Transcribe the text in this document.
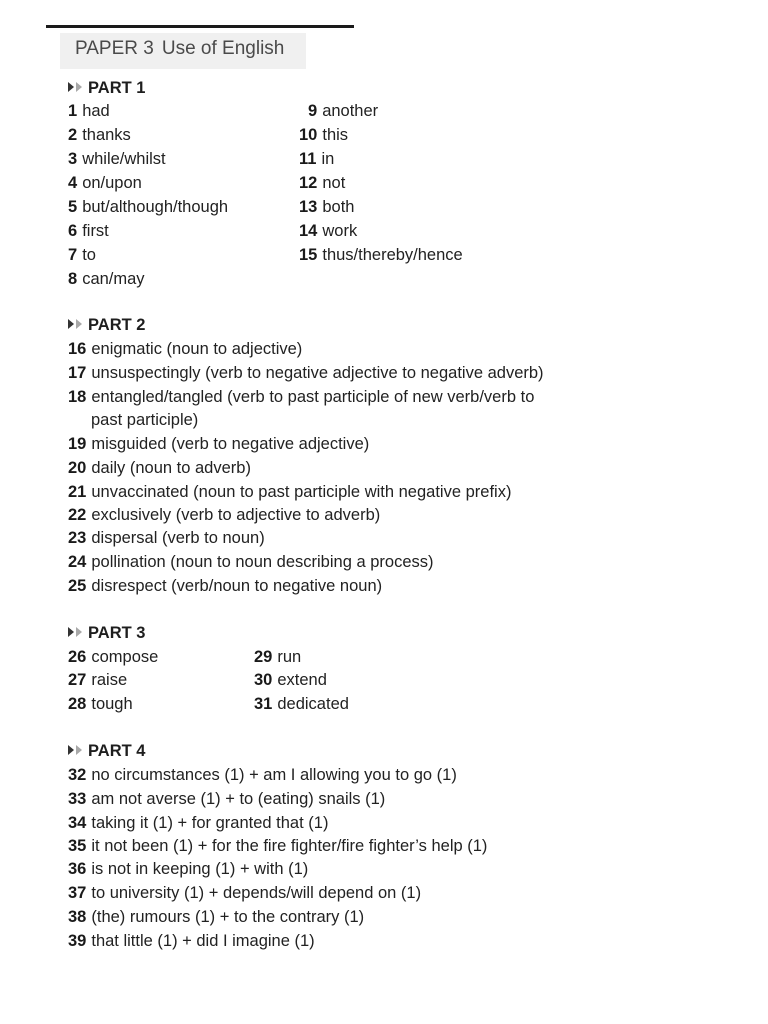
PAPER 3 Use of English
PART 1
1 had
2 thanks
3 while/whilst
4 on/upon
5 but/although/though
6 first
7 to
8 can/may
9 another
10 this
11 in
12 not
13 both
14 work
15 thus/thereby/hence
PART 2
16 enigmatic (noun to adjective)
17 unsuspectingly (verb to negative adjective to negative adverb)
18 entangled/tangled (verb to past participle of new verb/verb to
past participle)
19 misguided (verb to negative adjective)
20 daily (noun to adverb)
21 unvaccinated (noun to past participle with negative prefix)
22 exclusively (verb to adjective to adverb)
23 dispersal (verb to noun)
24 pollination (noun to noun describing a process)
25 disrespect (verb/noun to negative noun)
PART 3
26 compose
27 raise
28 tough
29 run
30 extend
31 dedicated
PART 4
32 no circumstances (1) + am I allowing you to go (1)
33 am not averse (1) + to (eating) snails (1)
34 taking it (1) + for granted that (1)
35 it not been (1) + for the fire fighter/fire fighter’s help (1)
36 is not in keeping (1) + with (1)
37 to university (1) + depends/will depend on (1)
38 (the) rumours (1) + to the contrary (1)
39 that little (1) + did I imagine (1)
